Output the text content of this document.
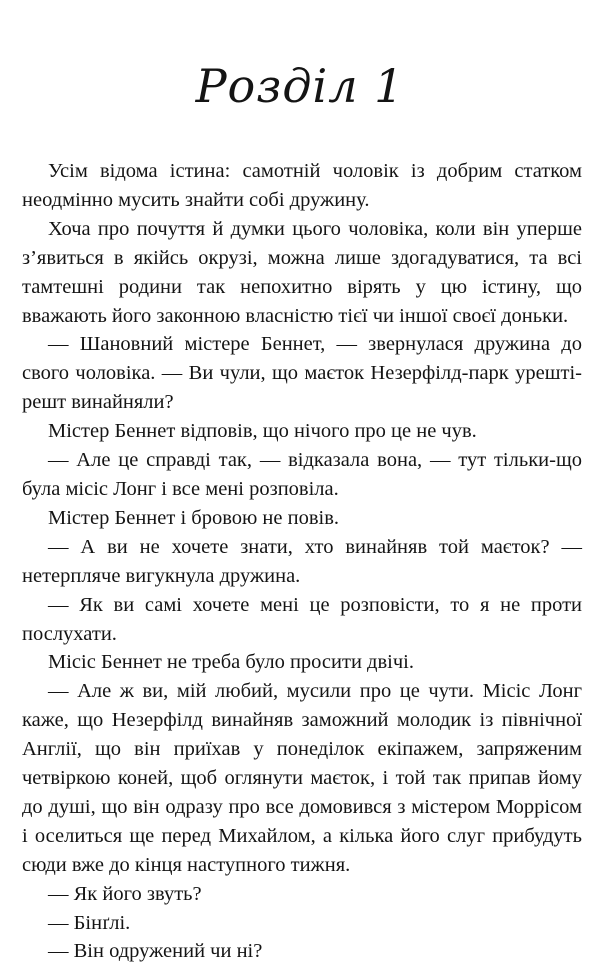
Розділ 1

Усім відома істина: самотній чоловік із добрим статком неодмінно мусить знайти собі дружину.

Хоча про почуття й думки цього чоловіка, коли він уперше з’явиться в якійсь окрузі, можна лише здогадуватися, та всі тамтешні родини так непохитно вірять у цю істину, що вважають його законною власністю тієї чи іншої своєї доньки.

— Шановний містере Беннет, — звернулася дружина до свого чоловіка. — Ви чули, що маєток Незерфілд-парк урешті-решт винайняли?

Містер Беннет відповів, що нічого про це не чув.

— Але це справді так, — відказала вона, — тут тільки-що була місіс Лонг і все мені розповіла.

Містер Беннет і бровою не повів.

— А ви не хочете знати, хто винайняв той маєток? — нетерпляче вигукнула дружина.

— Як ви самі хочете мені це розповісти, то я не проти послухати.

Місіс Беннет не треба було просити двічі.

— Але ж ви, мій любий, мусили про це чути. Місіс Лонг каже, що Незерфілд винайняв заможний молодик із північної Англії, що він приїхав у понеділок екіпажем, запряженим четвіркою коней, щоб оглянути маєток, і той так припав йому до душі, що він одразу про все домовився з містером Моррісом і оселиться ще перед Михайлом, а кілька його слуг прибудуть сюди вже до кінця наступного тижня.

— Як його звуть?

— Бінґлі.

— Він одружений чи ні?
